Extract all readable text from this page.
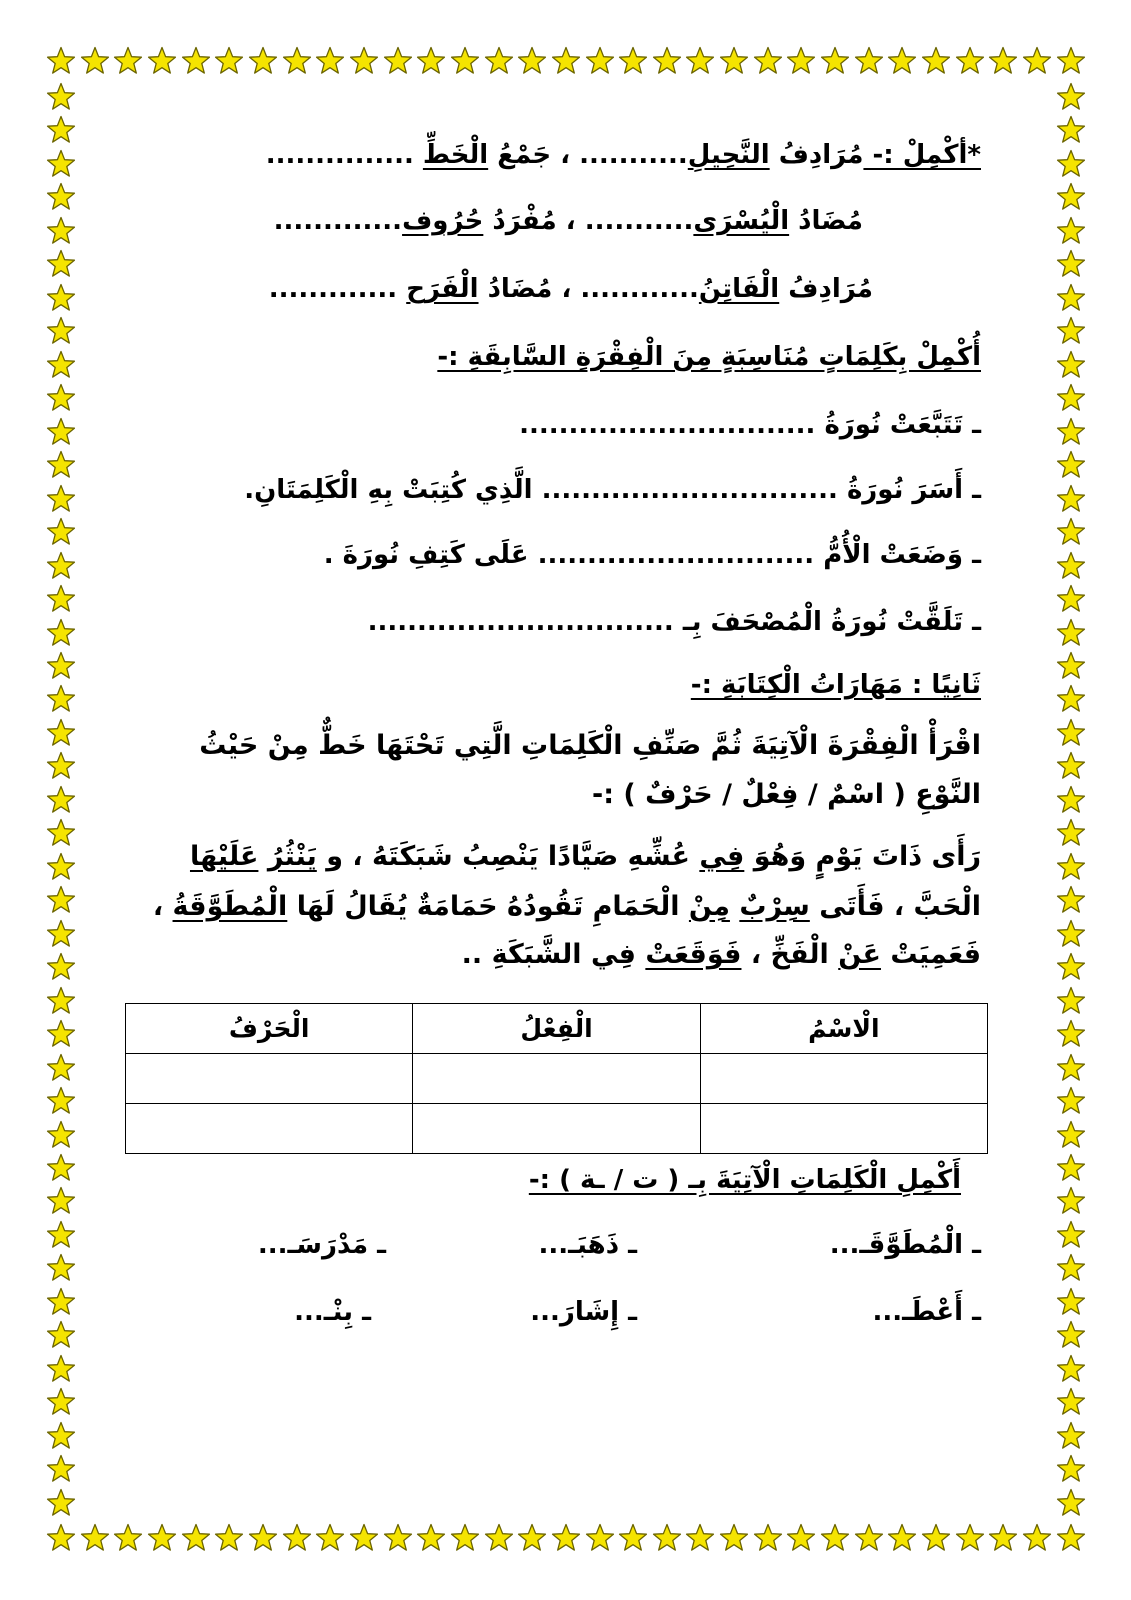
*أكْمِلْ :- مُرَادِفُ النَّحِيلِ........... ، جَمْعُ الْخَطِّ ...............
مُضَادُ الْيُسْرَى........... ، مُفْرَدُ حُرُوف.............
مُرَادِفُ الْفَاتِنُ............ ، مُضَادُ الْفَرَح .............
أُكْمِلْ بِكَلِمَاتٍ مُنَاسِبَةٍ مِنَ الْفِقْرَةِ السَّابِقَةِ :-
ـ تَتَبَّعَتْ نُورَةُ ..............................
ـ أَسَرَ نُورَةُ .............................. الَّذِي كُتِبَتْ بِهِ الْكَلِمَتَانِ.
ـ وَضَعَتْ الْأُمُّ ............................ عَلَى كَتِفِ نُورَةَ .
ـ تَلَقَّتْ نُورَةُ الْمُصْحَفَ بِـ ...............................
ثَانِيًا : مَهَارَاتُ الْكِتَابَةِ :-
اقْرَأْ الْفِقْرَةَ الْآتِيَةَ ثُمَّ صَنِّفِ الْكَلِمَاتِ الَّتِي تَحْتَهَا خَطٌّ مِنْ حَيْثُ
النَّوْعِ ( اسْمٌ / فِعْلٌ / حَرْفٌ ) :-
رَأَى ذَاتَ يَوْمٍ وَهُوَ فِي عُشِّهِ صَيَّادًا يَنْصِبُ شَبَكَتَهُ ، و يَنْثُرُ عَلَيْهَا
الْحَبَّ ، فَأَتَى سِرْبٌ مِنْ الْحَمَامِ تَقُودُهُ حَمَامَةٌ يُقَالُ لَهَا الْمُطَوَّقَةُ ،
فَعَمِيَتْ عَنْ الْفَخِّ ، فَوَقَعَتْ فِي الشَّبَكَةِ ..
الْاسْمُ	الْفِعْلُ	الْحَرْفُ

أَكْمِلِ الْكَلِمَاتِ الْآتِيَةَ بِـ ( ت / ـة ) :-
ـ الْمُطَوَّقَـ...
ـ ذَهَبَـ...
ـ مَدْرَسَـ...
ـ أَعْطَـ...
ـ إِشَارَ...
ـ بِنْـ...
